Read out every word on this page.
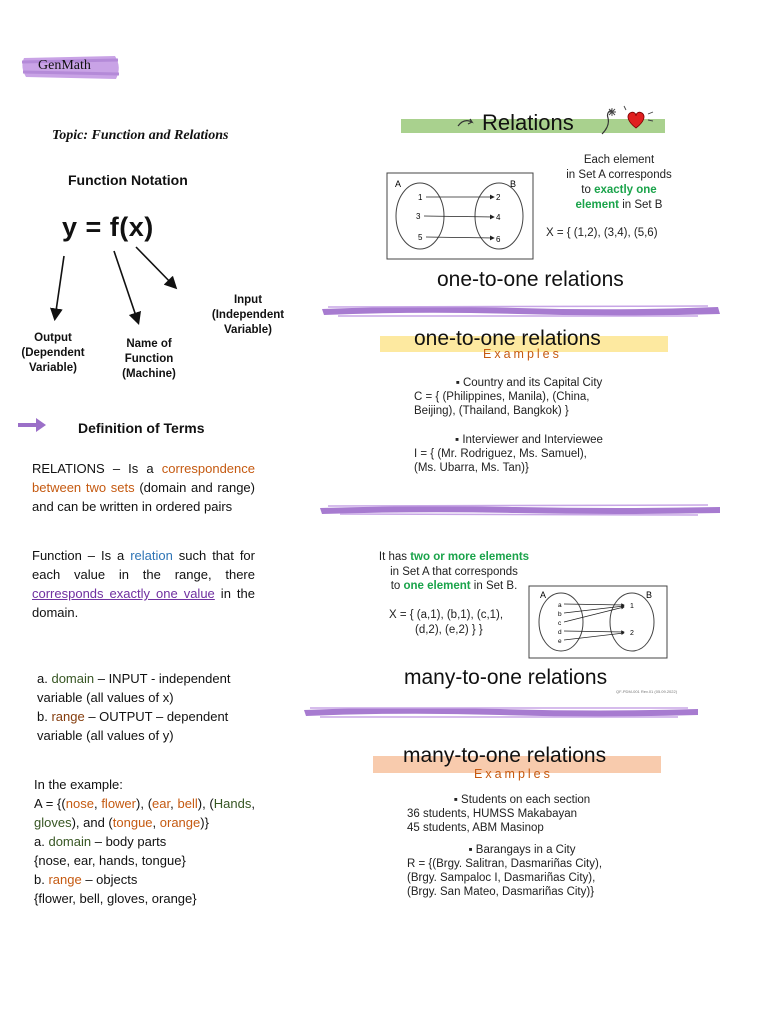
GenMath
Topic: Function and Relations
Function Notation
y = f(x)
Input (Independent Variable)
Output (Dependent Variable)
Name of Function (Machine)
Definition of Terms
RELATIONS – Is a correspondence between two sets (domain and range) and can be written in ordered pairs
Function – Is a relation such that for each value in the range, there corresponds exactly one value in the domain.
a. domain – INPUT - independent variable (all values of x)
b. range – OUTPUT – dependent variable (all values of y)
In the example:
A = {(nose, flower), (ear, bell), (Hands, gloves), and (tongue, orange)}
a. domain – body parts
{nose, ear, hands, tongue}
b. range – objects
{flower, bell, gloves, orange}
Relations
Each element
in Set A corresponds
to exactly one
element in Set B
A	B
1
3
5
2
4
6
X = { (1,2), (3,4), (5,6)
one-to-one relations
one-to-one relations
Examples
▪ Country and its Capital City
C = { (Philippines, Manila), (China,
Beijing), (Thailand, Bangkok) }
▪ Interviewer and Interviewee
I = { (Mr. Rodriguez, Ms. Samuel),
(Ms. Ubarra, Ms. Tan)}
It has two or more elements
in Set A that corresponds
to one element in Set B.
X = { (a,1), (b,1), (c,1),
(d,2), (e,2) } }
A	B
a
b
c
d
e
1
2
many-to-one relations
QF-PDM-001 Rev.01 (05.09.2022)
many-to-one relations
Examples
▪ Students on each section
36 students, HUMSS Makabayan
45 students, ABM Masinop
▪ Barangays in a City
R = {(Brgy. Salitran, Dasmariñas City),
(Brgy. Sampaloc I, Dasmariñas City),
(Brgy. San Mateo, Dasmariñas City)}
